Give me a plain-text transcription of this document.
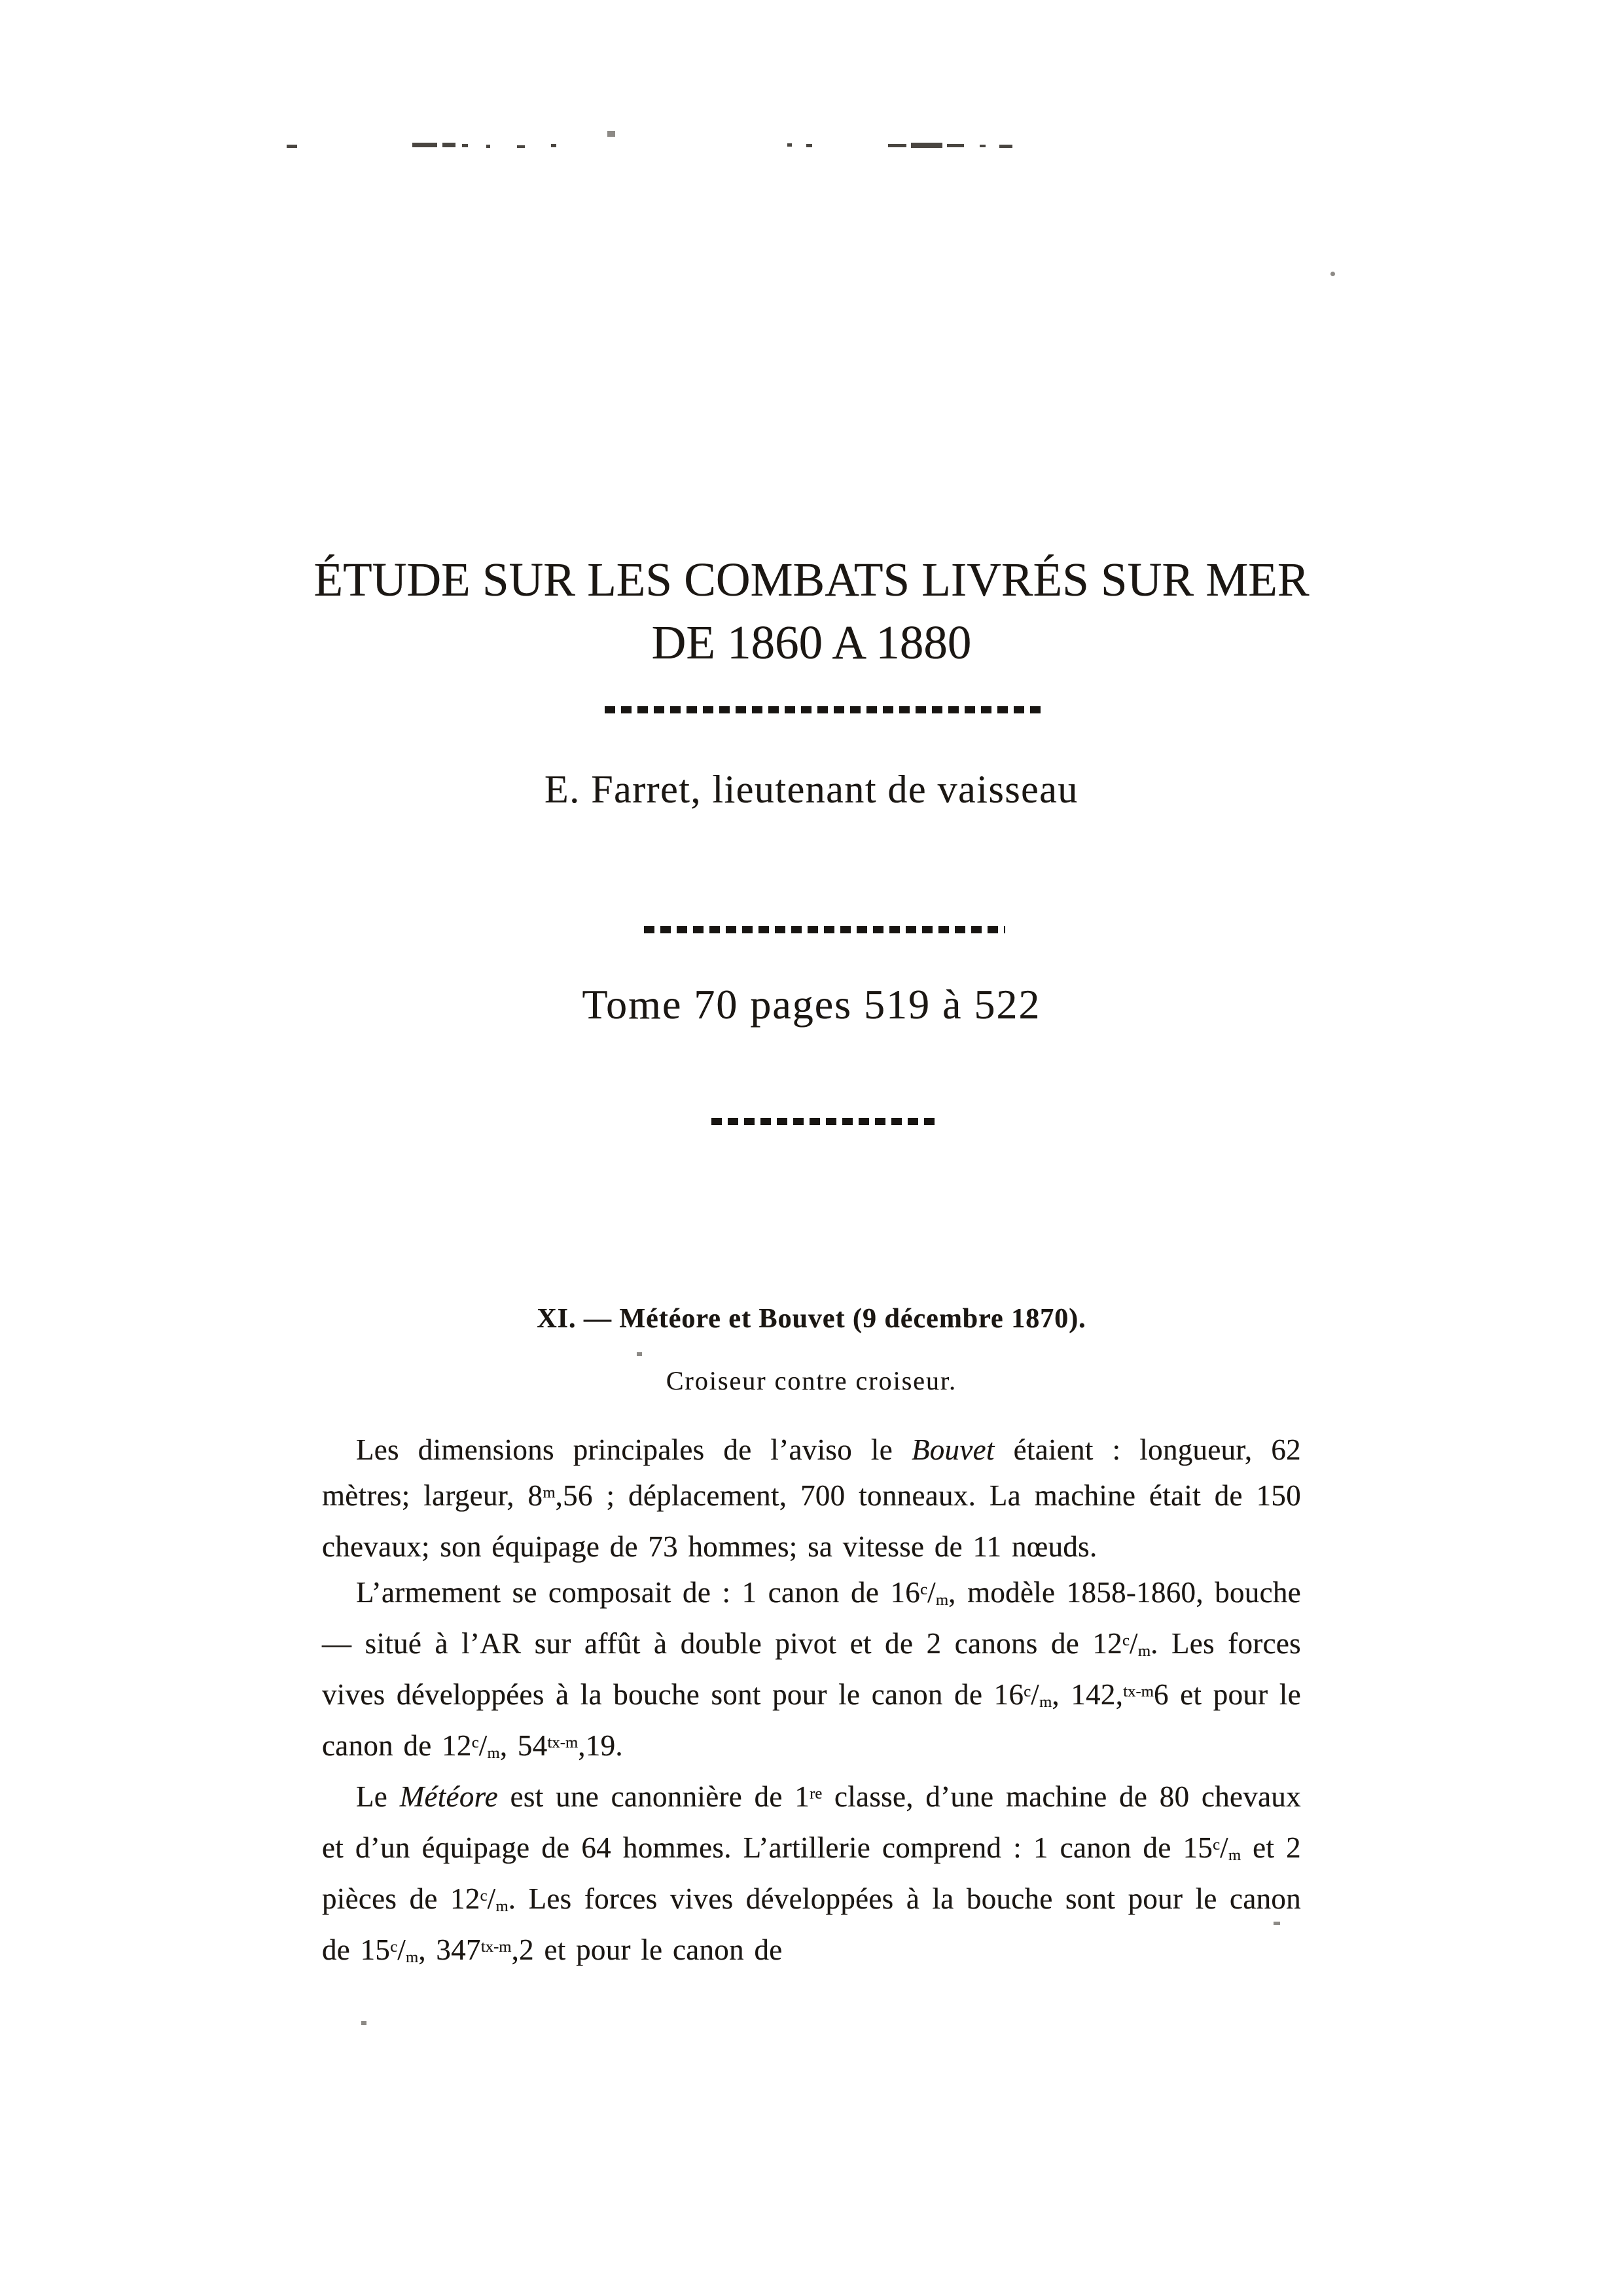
ÉTUDE SUR LES COMBATS LIVRÉS SUR MER
DE 1860 A 1880
E. Farret, lieutenant de vaisseau
Tome 70 pages 519 à 522
XI. — Météore et Bouvet (9 décembre 1870).
Croiseur contre croiseur.

Les dimensions principales de l’aviso le Bouvet étaient : longueur, 62 mètres; largeur, 8$^m$,56 ; déplacement, 700 tonneaux. La machine était de 150 chevaux; son équipage de 73 hommes; sa vitesse de 11 nœuds.

L’armement se composait de : 1 canon de $16^c/_m$, modèle 1858-1860, bouche — situé à l’AR sur affût à double pivot et de 2 canons de $12^c/_m$. Les forces vives développées à la bouche sont pour le canon de $16^c/_m$, 142,$^{tx-m}$6 et pour le canon de $12^c/_m$, $54^{tx-m},19$.

Le Météore est une canonnière de 1re classe, d’une machine de 80 chevaux et d’un équipage de 64 hommes. L’artillerie comprend : 1 canon de $15^c/_m$ et 2 pièces de $12^c/_m$. Les forces vives développées à la bouche sont pour le canon de $15^c/_m$, $347^{tx-m},2$ et pour le canon de
